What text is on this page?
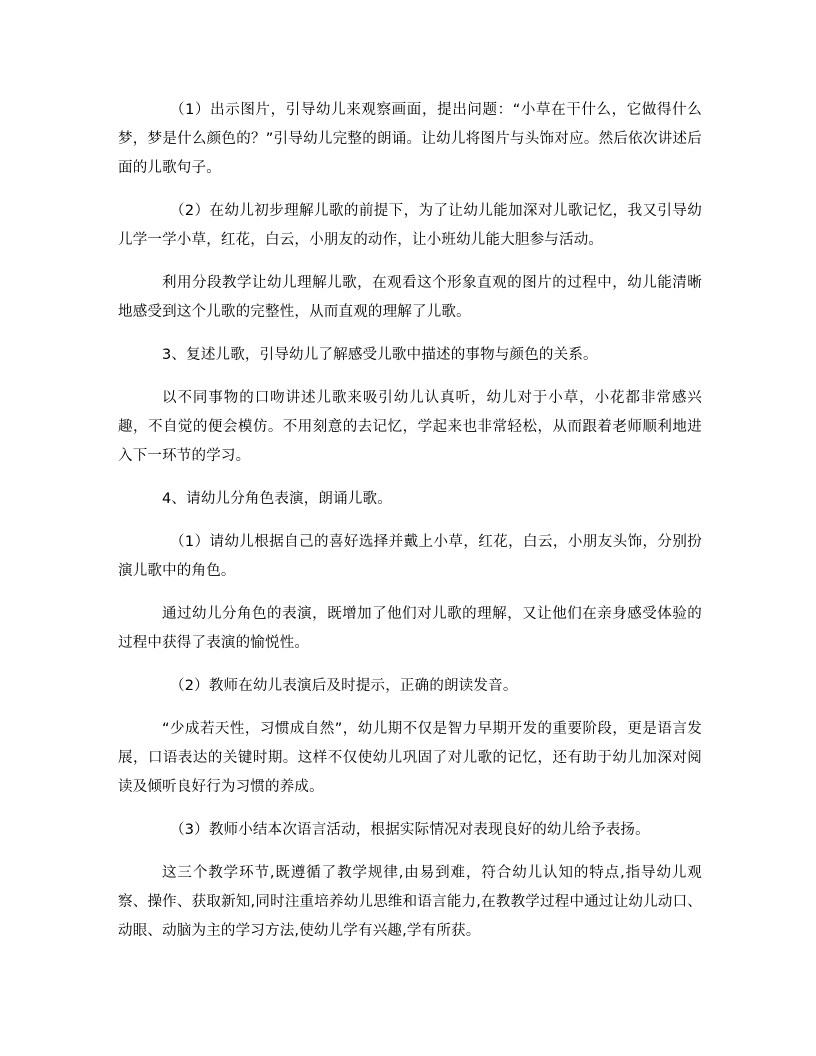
（1）出示图片，引导幼儿来观察画面，提出问题：“小草在干什么，它做得什么梦，梦是什么颜色的？”引导幼儿完整的朗诵。让幼儿将图片与头饰对应。然后依次讲述后面的儿歌句子。

（2）在幼儿初步理解儿歌的前提下，为了让幼儿能加深对儿歌记忆，我又引导幼儿学一学小草，红花，白云，小朋友的动作，让小班幼儿能大胆参与活动。

利用分段教学让幼儿理解儿歌，在观看这个形象直观的图片的过程中，幼儿能清晰地感受到这个儿歌的完整性，从而直观的理解了儿歌。

3、复述儿歌，引导幼儿了解感受儿歌中描述的事物与颜色的关系。

以不同事物的口吻讲述儿歌来吸引幼儿认真听，幼儿对于小草，小花都非常感兴趣，不自觉的便会模仿。不用刻意的去记忆，学起来也非常轻松，从而跟着老师顺利地进入下一环节的学习。

4、请幼儿分角色表演，朗诵儿歌。

（1）请幼儿根据自己的喜好选择并戴上小草，红花，白云，小朋友头饰，分别扮演儿歌中的角色。

通过幼儿分角色的表演，既增加了他们对儿歌的理解，又让他们在亲身感受体验的过程中获得了表演的愉悦性。

（2）教师在幼儿表演后及时提示，正确的朗读发音。

“少成若天性，习惯成自然”，幼儿期不仅是智力早期开发的重要阶段，更是语言发展，口语表达的关键时期。这样不仅使幼儿巩固了对儿歌的记忆，还有助于幼儿加深对阅读及倾听良好行为习惯的养成。

（3）教师小结本次语言活动，根据实际情况对表现良好的幼儿给予表扬。

这三个教学环节,既遵循了教学规律,由易到难，符合幼儿认知的特点,指导幼儿观察、操作、获取新知,同时注重培养幼儿思维和语言能力,在教教学过程中通过让幼儿动口、动眼、动脑为主的学习方法,使幼儿学有兴趣,学有所获。
